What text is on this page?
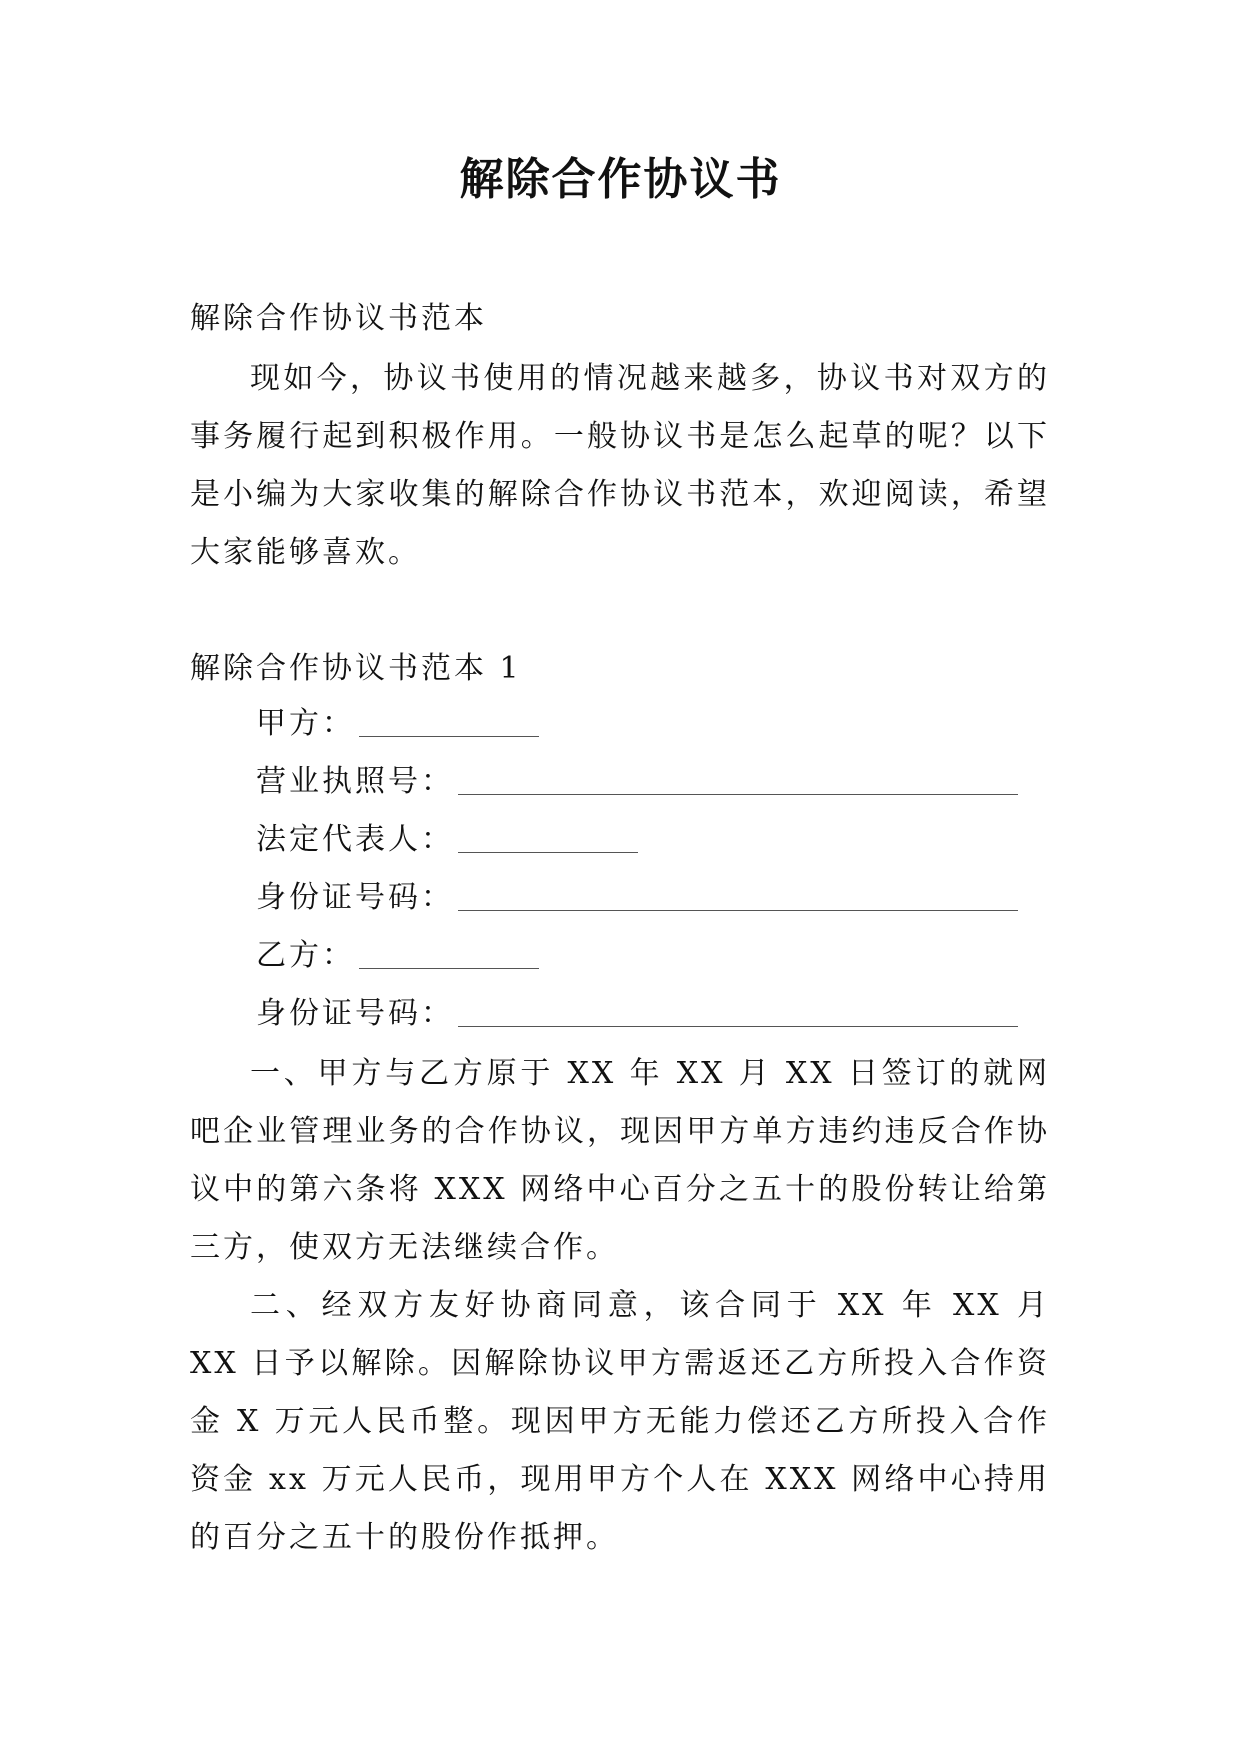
解除合作协议书

解除合作协议书范本

现如今，协议书使用的情况越来越多，协议书对双方的事务履行起到积极作用。一般协议书是怎么起草的呢？以下是小编为大家收集的解除合作协议书范本，欢迎阅读，希望大家能够喜欢。

解除合作协议书范本 1

甲方：

营业执照号：

法定代表人：

身份证号码：

乙方：

身份证号码：

一、甲方与乙方原于 XX 年 XX 月 XX 日签订的就网吧企业管理业务的合作协议，现因甲方单方违约违反合作协议中的第六条将 XXX 网络中心百分之五十的股份转让给第三方，使双方无法继续合作。

二、经双方友好协商同意，该合同于 XX 年 XX 月 XX 日予以解除。因解除协议甲方需返还乙方所投入合作资金 X 万元人民币整。现因甲方无能力偿还乙方所投入合作资金 xx 万元人民币，现用甲方个人在 XXX 网络中心持用的百分之五十的股份作抵押。
